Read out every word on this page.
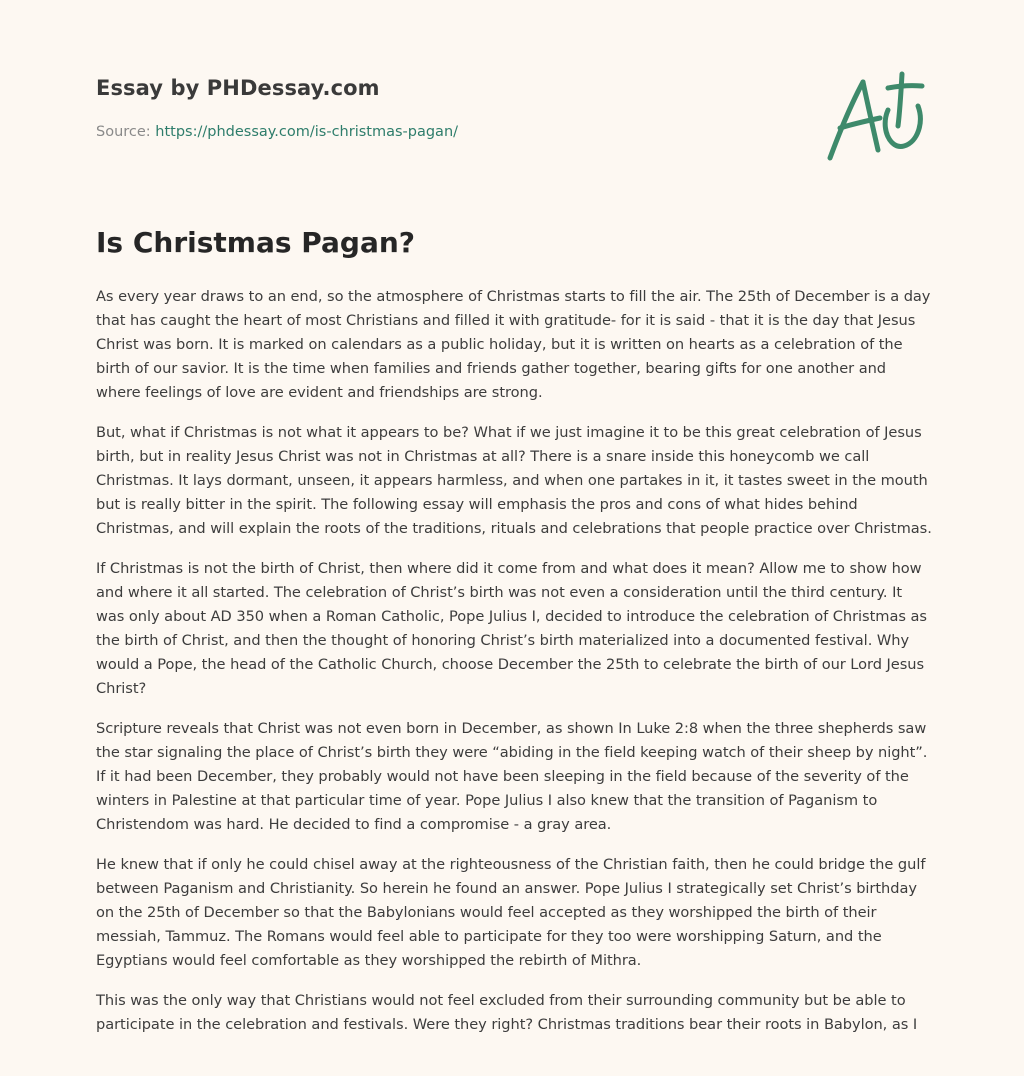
Essay by PHDessay.com
Source: https://phdessay.com/is-christmas-pagan/
Is Christmas Pagan?

As every year draws to an end, so the atmosphere of Christmas starts to fill the air. The 25th of December is a day that has caught the heart of most Christians and filled it with gratitude- for it is said - that it is the day that Jesus Christ was born. It is marked on calendars as a public holiday, but it is written on hearts as a celebration of the birth of our savior. It is the time when families and friends gather together, bearing gifts for one another and where feelings of love are evident and friendships are strong.

But, what if Christmas is not what it appears to be? What if we just imagine it to be this great celebration of Jesus birth, but in reality Jesus Christ was not in Christmas at all? There is a snare inside this honeycomb we call Christmas. It lays dormant, unseen, it appears harmless, and when one partakes in it, it tastes sweet in the mouth but is really bitter in the spirit. The following essay will emphasis the pros and cons of what hides behind Christmas, and will explain the roots of the traditions, rituals and celebrations that people practice over Christmas.

If Christmas is not the birth of Christ, then where did it come from and what does it mean? Allow me to show how and where it all started. The celebration of Christ’s birth was not even a consideration until the third century. It was only about AD 350 when a Roman Catholic, Pope Julius I, decided to introduce the celebration of Christmas as the birth of Christ, and then the thought of honoring Christ’s birth materialized into a documented festival. Why would a Pope, the head of the Catholic Church, choose December the 25th to celebrate the birth of our Lord Jesus Christ?

Scripture reveals that Christ was not even born in December, as shown In Luke 2:8 when the three shepherds saw the star signaling the place of Christ’s birth they were “abiding in the field keeping watch of their sheep by night”. If it had been December, they probably would not have been sleeping in the field because of the severity of the winters in Palestine at that particular time of year. Pope Julius I also knew that the transition of Paganism to Christendom was hard. He decided to find a compromise - a gray area.

He knew that if only he could chisel away at the righteousness of the Christian faith, then he could bridge the gulf between Paganism and Christianity. So herein he found an answer. Pope Julius I strategically set Christ’s birthday on the 25th of December so that the Babylonians would feel accepted as they worshipped the birth of their messiah, Tammuz. The Romans would feel able to participate for they too were worshipping Saturn, and the Egyptians would feel comfortable as they worshipped the rebirth of Mithra.

This was the only way that Christians would not feel excluded from their surrounding community but be able to participate in the celebration and festivals. Were they right? Christmas traditions bear their roots in Babylon, as I
